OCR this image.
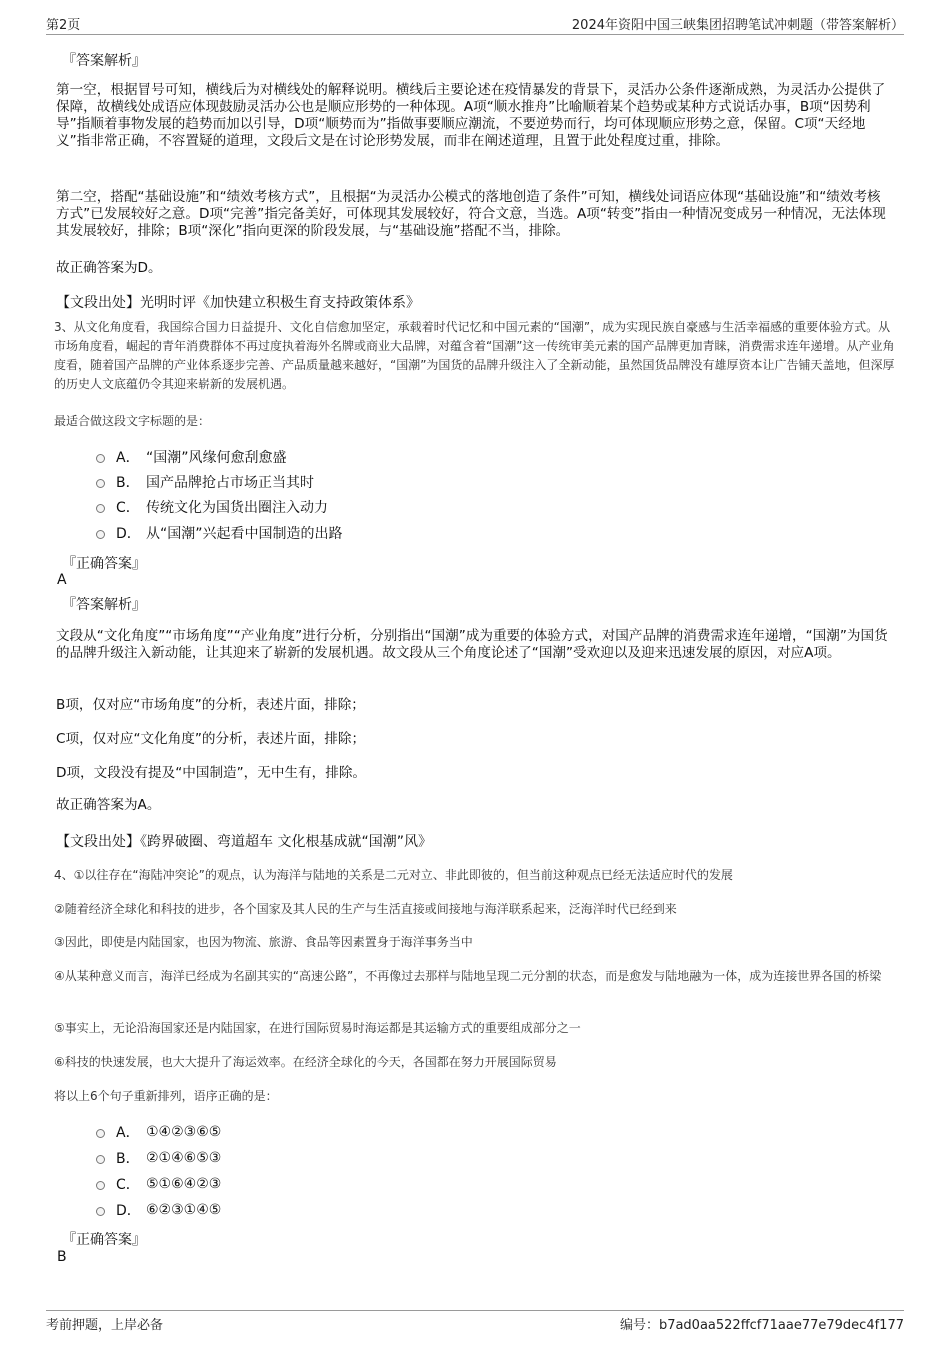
第2页	2024年资阳中国三峡集团招聘笔试冲刺题（带答案解析）
『答案解析』
第一空，根据冒号可知，横线后为对横线处的解释说明。横线后主要论述在疫情暴发的背景下，灵活办公条件逐渐成熟，为灵活办公提供了保障，故横线处成语应体现鼓励灵活办公也是顺应形势的一种体现。A项“顺水推舟”比喻顺着某个趋势或某种方式说话办事，B项“因势利导”指顺着事物发展的趋势而加以引导，D项“顺势而为”指做事要顺应潮流，不要逆势而行，均可体现顺应形势之意，保留。C项“天经地义”指非常正确，不容置疑的道理，文段后文是在讨论形势发展，而非在阐述道理，且置于此处程度过重，排除。
第二空，搭配“基础设施”和“绩效考核方式”，且根据“为灵活办公模式的落地创造了条件”可知，横线处词语应体现“基础设施”和“绩效考核方式”已发展较好之意。D项“完善”指完备美好，可体现其发展较好，符合文意，当选。A项“转变”指由一种情况变成另一种情况，无法体现其发展较好，排除；B项“深化”指向更深的阶段发展，与“基础设施”搭配不当，排除。
故正确答案为D。
【文段出处】光明时评《加快建立积极生育支持政策体系》
3、从文化角度看，我国综合国力日益提升、文化自信愈加坚定，承载着时代记忆和中国元素的“国潮”，成为实现民族自豪感与生活幸福感的重要体验方式。从市场角度看，崛起的青年消费群体不再过度执着海外名牌或商业大品牌，对蕴含着“国潮”这一传统审美元素的国产品牌更加青睐，消费需求连年递增。从产业角度看，随着国产品牌的产业体系逐步完善、产品质量越来越好，“国潮”为国货的品牌升级注入了全新动能，虽然国货品牌没有雄厚资本让广告铺天盖地，但深厚的历史人文底蕴仍令其迎来崭新的发展机遇。
最适合做这段文字标题的是：
A． “国潮”风缘何愈刮愈盛
B． 国产品牌抢占市场正当其时
C． 传统文化为国货出圈注入动力
D． 从“国潮”兴起看中国制造的出路
『正确答案』
A
『答案解析』
文段从“文化角度”“市场角度”“产业角度”进行分析，分别指出“国潮”成为重要的体验方式，对国产品牌的消费需求连年递增，“国潮”为国货的品牌升级注入新动能，让其迎来了崭新的发展机遇。故文段从三个角度论述了“国潮”受欢迎以及迎来迅速发展的原因，对应A项。
B项，仅对应“市场角度”的分析，表述片面，排除；
C项，仅对应“文化角度”的分析，表述片面，排除；
D项，文段没有提及“中国制造”，无中生有，排除。
故正确答案为A。
【文段出处】《跨界破圈、弯道超车 文化根基成就“国潮”风》
4、①以往存在“海陆冲突论”的观点，认为海洋与陆地的关系是二元对立、非此即彼的，但当前这种观点已经无法适应时代的发展
②随着经济全球化和科技的进步，各个国家及其人民的生产与生活直接或间接地与海洋联系起来，泛海洋时代已经到来
③因此，即使是内陆国家，也因为物流、旅游、食品等因素置身于海洋事务当中
④从某种意义而言，海洋已经成为名副其实的“高速公路”，不再像过去那样与陆地呈现二元分割的状态，而是愈发与陆地融为一体，成为连接世界各国的桥梁
⑤事实上，无论沿海国家还是内陆国家，在进行国际贸易时海运都是其运输方式的重要组成部分之一
⑥科技的快速发展，也大大提升了海运效率。在经济全球化的今天，各国都在努力开展国际贸易
将以上6个句子重新排列，语序正确的是：
A． ①④②③⑥⑤
B． ②①④⑥⑤③
C． ⑤①⑥④②③
D． ⑥②③①④⑤
『正确答案』
B
考前押题，上岸必备	编号：b7ad0aa522ffcf71aae77e79dec4f177
